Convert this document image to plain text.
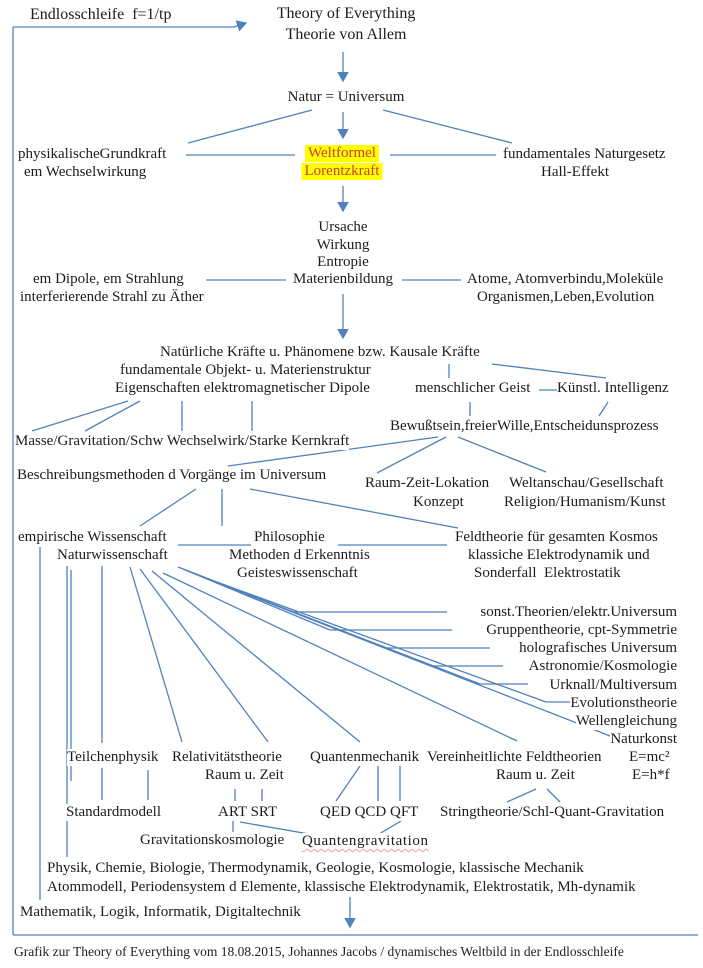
Endlosschleife  f=1/tp	Theory of Everything
Theorie von Allem
Natur = Universum
physikalischeGrundkraft
em Wechselwirkung
Weltformel
Lorentzkraft
fundamentales Naturgesetz
Hall-Effekt
Ursache
Wirkung
Entropie
Materienbildung
em Dipole, em Strahlung
interferierende Strahl zu Äther
Atome, Atomverbindu,Moleküle
Organismen,Leben,Evolution
Natürliche Kräfte u. Phänomene bzw. Kausale Kräfte
fundamentale Objekt- u. Materienstruktur
Eigenschaften elektromagnetischer Dipole	menschlicher Geist Künstl. Intelligenz
Bewußtsein,freierWille,Entscheidunsprozess
Masse/Gravitation/Schw Wechselwirk/Starke Kernkraft
Beschreibungsmethoden d Vorgänge im Universum	Raum-Zeit-Lokation
Konzept
Weltanschau/Gesellschaft
Religion/Humanism/Kunst
empirische Wissenschaft	Philosophie	Feldtheorie für gesamten Kosmos
Naturwissenschaft	Methoden d Erkenntnis	klassiche Elektrodynamik und
Geisteswissenschaft	Sonderfall  Elektrostatik
sonst.Theorien/elektr.Universum
Gruppentheorie, cpt-Symmetrie
holografisches Universum
Astronomie/Kosmologie
Urknall/Multiversum
Evolutionstheorie
Wellengleichung
Naturkonst
Teilchenphysik Relativitätstheorie Quantenmechanik Vereinheitlichte Feldtheorien E=mc²
Raum u. Zeit	Raum u. Zeit	E=h*f
Standardmodell	ART SRT	QED QCD QFT Stringtheorie/Schl-Quant-Gravitation
Gravitationskosmologie Quantengravitation
Physik, Chemie, Biologie, Thermodynamik, Geologie, Kosmologie, klassische Mechanik
Atommodell, Periodensystem d Elemente, klassische Elektrodynamik, Elektrostatik, Mh-dynamik
Mathematik, Logik, Informatik, Digitaltechnik
Grafik zur Theory of Everything vom 18.08.2015, Johannes Jacobs / dynamisches Weltbild in der Endlosschleife
